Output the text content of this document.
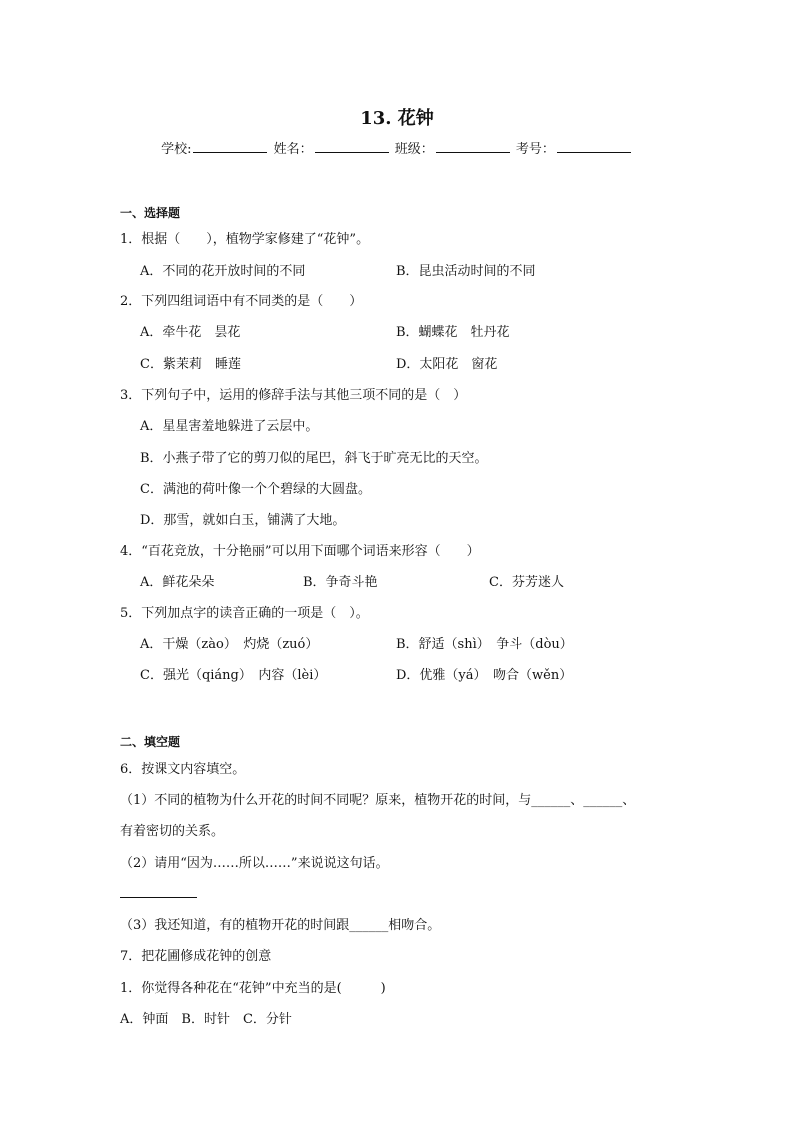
13. 花钟
学校:	姓名：	班级：	考号：
一、选择题
1．根据（　　），植物学家修建了“花钟”。
A．不同的花开放时间的不同	B．昆虫活动时间的不同
2．下列四组词语中有不同类的是（　　）
A．牵牛花　昙花	B．蝴蝶花　牡丹花
C．紫茉莉　睡莲	D．太阳花　窗花
3．下列句子中，运用的修辞手法与其他三项不同的是（　）
A．星星害羞地躲进了云层中。
B．小燕子带了它的剪刀似的尾巴，斜飞于旷亮无比的天空。
C．满池的荷叶像一个个碧绿的大圆盘。
D．那雪，就如白玉，铺满了大地。
4．“百花竞放，十分艳丽”可以用下面哪个词语来形容（　　）
A．鲜花朵朵	B．争奇斗艳	C．芬芳迷人
5．下列加点字的读音正确的一项是（　）。
A．干燥（zào）　灼烧（zuó）	B．舒适（shì）　争斗（dòu）
C．强光（qiáng）　内容（lèi）	D．优雅（yá）　吻合（wěn）
二、填空题
6．按课文内容填空。
（1）不同的植物为什么开花的时间不同呢？原来，植物开花的时间，与______、______、
有着密切的关系。
（2）请用“因为……所以……”来说说这句话。
（3）我还知道，有的植物开花的时间跟______相吻合。
7．把花圃修成花钟的创意
1．你觉得各种花在“花钟”中充当的是(　　　)
A．钟面　B．时针　C．分针
